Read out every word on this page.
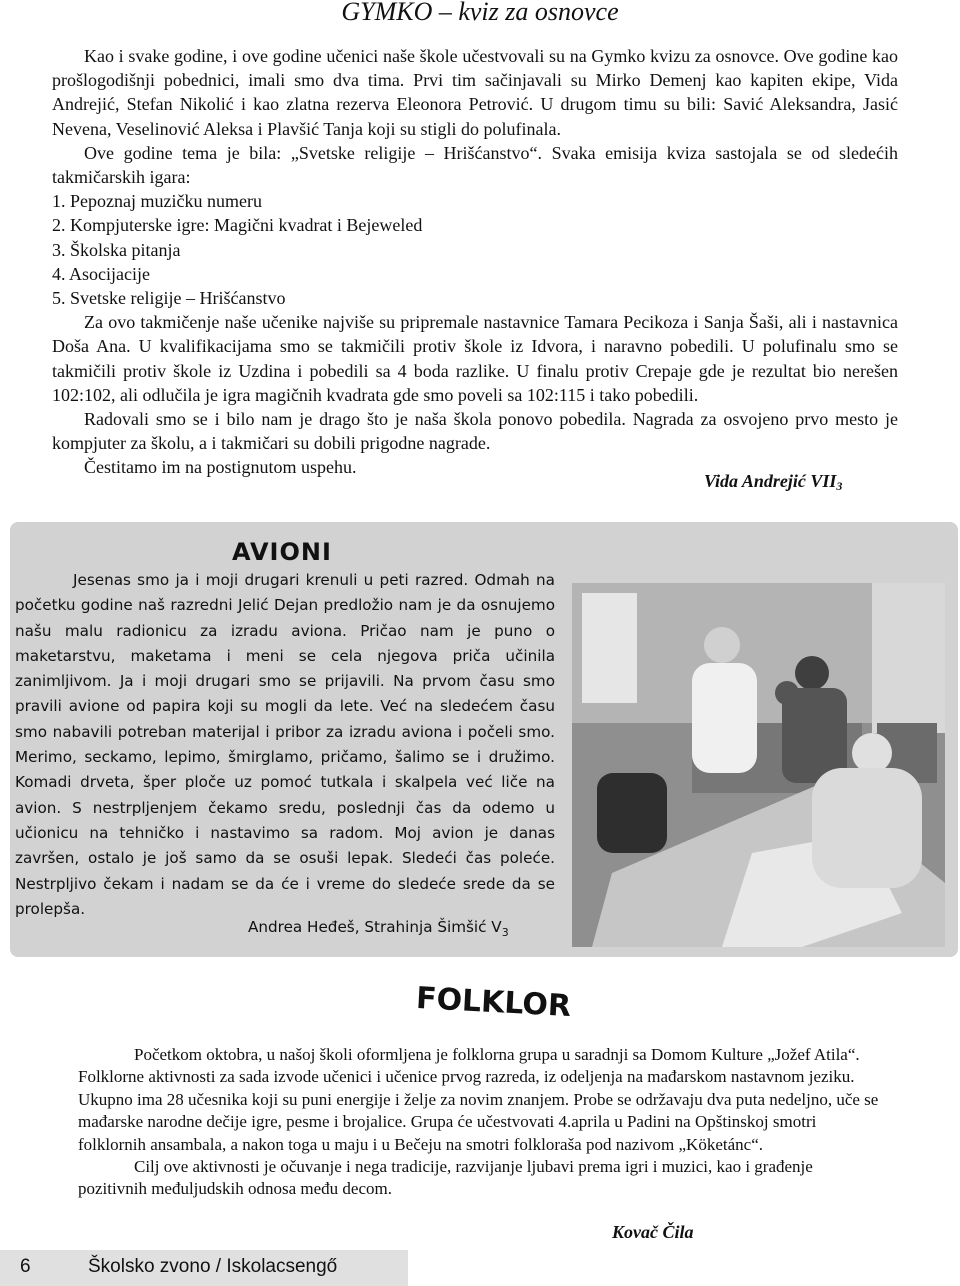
GYMKO – kviz za osnovce

Kao i svake godine, i ove godine učenici naše škole učestvovali su na Gymko kvizu za osnovce. Ove godine kao prošlogodišnji pobednici, imali smo dva tima. Prvi tim sačinjavali su Mirko Demenj kao kapiten ekipe, Vida Andrejić, Stefan Nikolić i kao zlatna rezerva Eleonora Petrović. U drugom timu su bili: Savić Aleksandra, Jasić Nevena, Veselinović Aleksa i Plavšić Tanja koji su stigli do polufinala.

Ove godine tema je bila: „Svetske religije – Hrišćanstvo“. Svaka emisija kviza sastojala se od sledećih takmičarskih igara:

1. Pepoznaj muzičku numeru

2. Kompjuterske igre: Magični kvadrat i Bejeweled

3. Školska pitanja

4. Asocijacije

5. Svetske religije – Hrišćanstvo

Za ovo takmičenje naše učenike najviše su pripremale nastavnice Tamara Pecikoza i Sanja Šaši, ali i nastavnica Doša Ana. U kvalifikacijama smo se takmičili protiv škole iz Idvora, i naravno pobedili. U polufinalu smo se takmičili protiv škole iz Uzdina i pobedili sa 4 boda razlike. U finalu protiv Crepaje gde je rezultat bio nerešen 102:102, ali odlučila je igra magičnih kvadrata gde smo poveli sa 102:115 i tako pobedili.

Radovali smo se i bilo nam je drago što je naša škola ponovo pobedila. Nagrada za osvojeno prvo mesto je kompjuter za školu, a i takmičari su dobili prigodne nagrade.

Čestitamo im na postignutom uspehu.

Vida Andrejić $VII_3$
AVIONI

Jesenas smo ja i moji drugari krenuli u peti razred. Odmah na početku godine naš razredni Jelić Dejan predložio nam je da osnujemo našu malu radionicu za izradu aviona. Pričao nam je puno o maketarstvu, maketama i meni se cela njegova priča učinila zanimljivom. Ja i moji drugari smo se prijavili. Na prvom času smo pravili avione od papira koji su mogli da lete. Već na sledećem času smo nabavili potreban materijal i pribor za izradu aviona i počeli smo. Merimo, seckamo, lepimo, šmirglamo, pričamo, šalimo se i družimo. Komadi drveta, šper ploče uz pomoć tutkala i skalpela već liče na avion. S nestrpljenjem čekamo sredu, poslednji čas da odemo u učionicu na tehničko i nastavimo sa radom. Moj avion je danas završen, ostalo je još samo da se osuši lepak. Sledeći čas poleće. Nestrpljivo čekam i nadam se da će i vreme do sledeće srede da se prolepša.

Andrea Heđeš, Strahinja Šimšić $V_3$
FOLKLOR

Početkom oktobra, u našoj školi oformljena je folklorna grupa u saradnji sa Domom Kulture „Jožef Atila“. Folklorne aktivnosti za sada izvode učenici i učenice prvog razreda, iz odeljenja na mađarskom nastavnom jeziku. Ukupno ima 28 učesnika koji su puni energije i želje za novim znanjem. Probe se održavaju dva puta nedeljno, uče se mađarske narodne dečije igre, pesme i brojalice. Grupa će učestvovati 4.aprila u Padini na Opštinskoj smotri folklornih ansambala, a nakon toga u maju i u Bečeju na smotri folkloraša pod nazivom „Köketánc“.

Cilj ove aktivnosti je očuvanje i nega tradicije, razvijanje ljubavi prema igri i muzici, kao i građenje pozitivnih međuljudskih odnosa među decom.

Kovač Čila
6	Školsko zvono / Iskolacsengő
